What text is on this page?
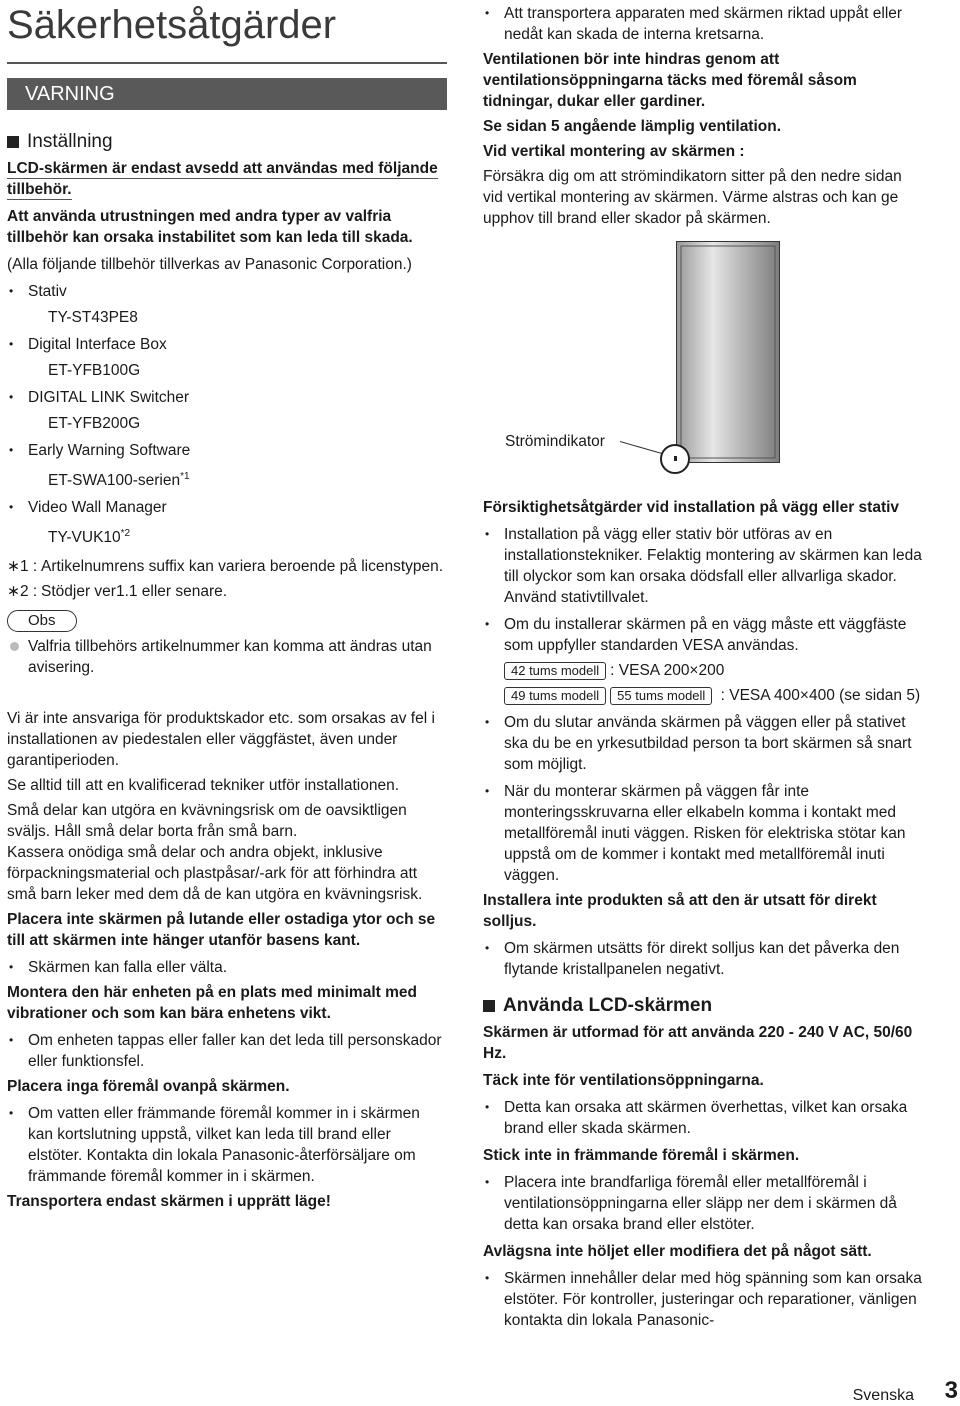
Säkerhetsåtgärder
VARNING
Inställning

LCD-skärmen är endast avsedd att användas med följande tillbehör.

Att använda utrustningen med andra typer av valfria tillbehör kan orsaka instabilitet som kan leda till skada.

(Alla följande tillbehör tillverkas av Panasonic Corporation.)

• Stativ
TY-ST43PE8
• Digital Interface Box
ET-YFB100G
• DIGITAL LINK Switcher
ET-YFB200G
• Early Warning Software
ET-SWA100-serien$^{*1}$
• Video Wall Manager
TY-VUK10$^{*2}$
∗1 : Artikelnumrens suffix kan variera beroende på licenstypen.
∗2 : Stödjer ver1.1 eller senare.
Obs
Valfria tillbehörs artikelnummer kan komma att ändras utan avisering.

Vi är inte ansvariga för produktskador etc. som orsakas av fel i installationen av piedestalen eller väggfästet, även under garantiperioden.

Se alltid till att en kvalificerad tekniker utför installationen.

Små delar kan utgöra en kvävningsrisk om de oavsiktligen sväljs. Håll små delar borta från små barn.

Kassera onödiga små delar och andra objekt, inklusive förpackningsmaterial och plastpåsar/-ark för att förhindra att små barn leker med dem då de kan utgöra en kvävningsrisk.

Placera inte skärmen på lutande eller ostadiga ytor och se till att skärmen inte hänger utanför basens kant.

• Skärmen kan falla eller välta.

Montera den här enheten på en plats med minimalt med vibrationer och som kan bära enhetens vikt.

• Om enheten tappas eller faller kan det leda till personskador eller funktionsfel.

Placera inga föremål ovanpå skärmen.

• Om vatten eller främmande föremål kommer in i skärmen kan kortslutning uppstå, vilket kan leda till brand eller elstöter. Kontakta din lokala Panasonic-återförsäljare om främmande föremål kommer in i skärmen.

Transportera endast skärmen i upprätt läge!

• Att transportera apparaten med skärmen riktad uppåt eller nedåt kan skada de interna kretsarna.

Ventilationen bör inte hindras genom att ventilationsöppningarna täcks med föremål såsom tidningar, dukar eller gardiner.

Se sidan 5 angående lämplig ventilation.

Vid vertikal montering av skärmen :

Försäkra dig om att strömindikatorn sitter på den nedre sidan vid vertikal montering av skärmen. Värme alstras och kan ge upphov till brand eller skador på skärmen.

Strömindikator

Försiktighetsåtgärder vid installation på vägg eller stativ

• Installation på vägg eller stativ bör utföras av en installationstekniker. Felaktig montering av skärmen kan leda till olyckor som kan orsaka dödsfall eller allvarliga skador. Använd stativtillvalet.
• Om du installerar skärmen på en vägg måste ett väggfäste som uppfyller standarden VESA användas.
42 tums modell : VESA 200×200
49 tums modell 55 tums modell : VESA 400×400 (se sidan 5)
• Om du slutar använda skärmen på väggen eller på stativet ska du be en yrkesutbildad person ta bort skärmen så snart som möjligt.
• När du monterar skärmen på väggen får inte monteringsskruvarna eller elkabeln komma i kontakt med metallföremål inuti väggen. Risken för elektriska stötar kan uppstå om de kommer i kontakt med metallföremål inuti väggen.

Installera inte produkten så att den är utsatt för direkt solljus.

• Om skärmen utsätts för direkt solljus kan det påverka den flytande kristallpanelen negativt.
Använda LCD-skärmen

Skärmen är utformad för att använda 220 - 240 V AC, 50/60 Hz.

Täck inte för ventilationsöppningarna.

• Detta kan orsaka att skärmen överhettas, vilket kan orsaka brand eller skada skärmen.

Stick inte in främmande föremål i skärmen.

• Placera inte brandfarliga föremål eller metallföremål i ventilationsöppningarna eller släpp ner dem i skärmen då detta kan orsaka brand eller elstöter.

Avlägsna inte höljet eller modifiera det på något sätt.

• Skärmen innehåller delar med hög spänning som kan orsaka elstöter. För kontroller, justeringar och reparationer, vänligen kontakta din lokala Panasonic-
Svenska 3
